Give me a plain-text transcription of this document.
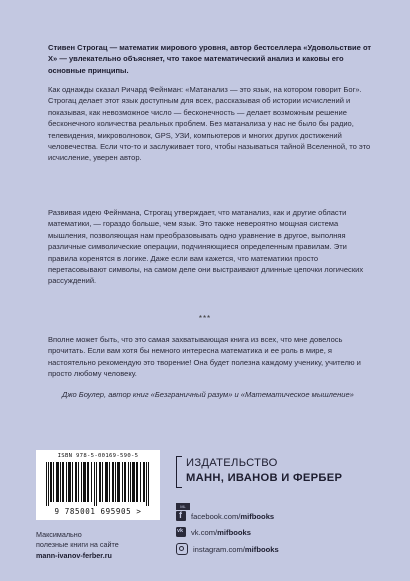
Стивен Строгац — математик мирового уровня, автор бестселлера «Удовольствие от X» — увлекательно объясняет, что такое математический анализ и каковы его основные принципы.
Как однажды сказал Ричард Фейнман: «Матанализ — это язык, на котором говорит Бог». Строгац делает этот язык доступным для всех, рассказывая об истории исчислений и показывая, как невозможное число — бесконечность — делает возможным решение бесконечного количества реальных проблем. Без матанализа у нас не было бы радио, телевидения, микроволновок, GPS, УЗИ, компьютеров и многих других достижений человечества. Если что-то и заслуживает того, чтобы называться тайной Вселенной, то это исчисление, уверен автор.
Развивая идею Фейнмана, Строгац утверждает, что матанализ, как и другие области математики, — гораздо больше, чем язык. Это также невероятно мощная система мышления, позволяющая нам преобразовывать одно уравнение в другое, выполняя различные символические операции, подчиняющиеся определенным правилам. Эти правила коренятся в логике. Даже если вам кажется, что математики просто перетасовывают символы, на самом деле они выстраивают длинные цепочки логических рассуждений.
***
Вполне может быть, что это самая захватывающая книга из всех, что мне довелось прочитать. Если вам хотя бы немного интересна математика и ее роль в мире, я настоятельно рекомендую это творение! Она будет полезна каждому ученику, учителю и просто любому человеку.
Джо Боулер, автор книг «Безграничный разум» и «Математическое мышление»
ISBN 978-5-00169-590-5
9 785001 695905 >
Максимально
полезные книги на сайте
mann-ivanov-ferber.ru
ИЗДАТЕЛЬСТВО
МАНН, ИВАНОВ И ФЕРБЕР
ML
f
facebook.com/ mifbooks
vk
vk.com/ mifbooks
instagram.com/ mifbooks
